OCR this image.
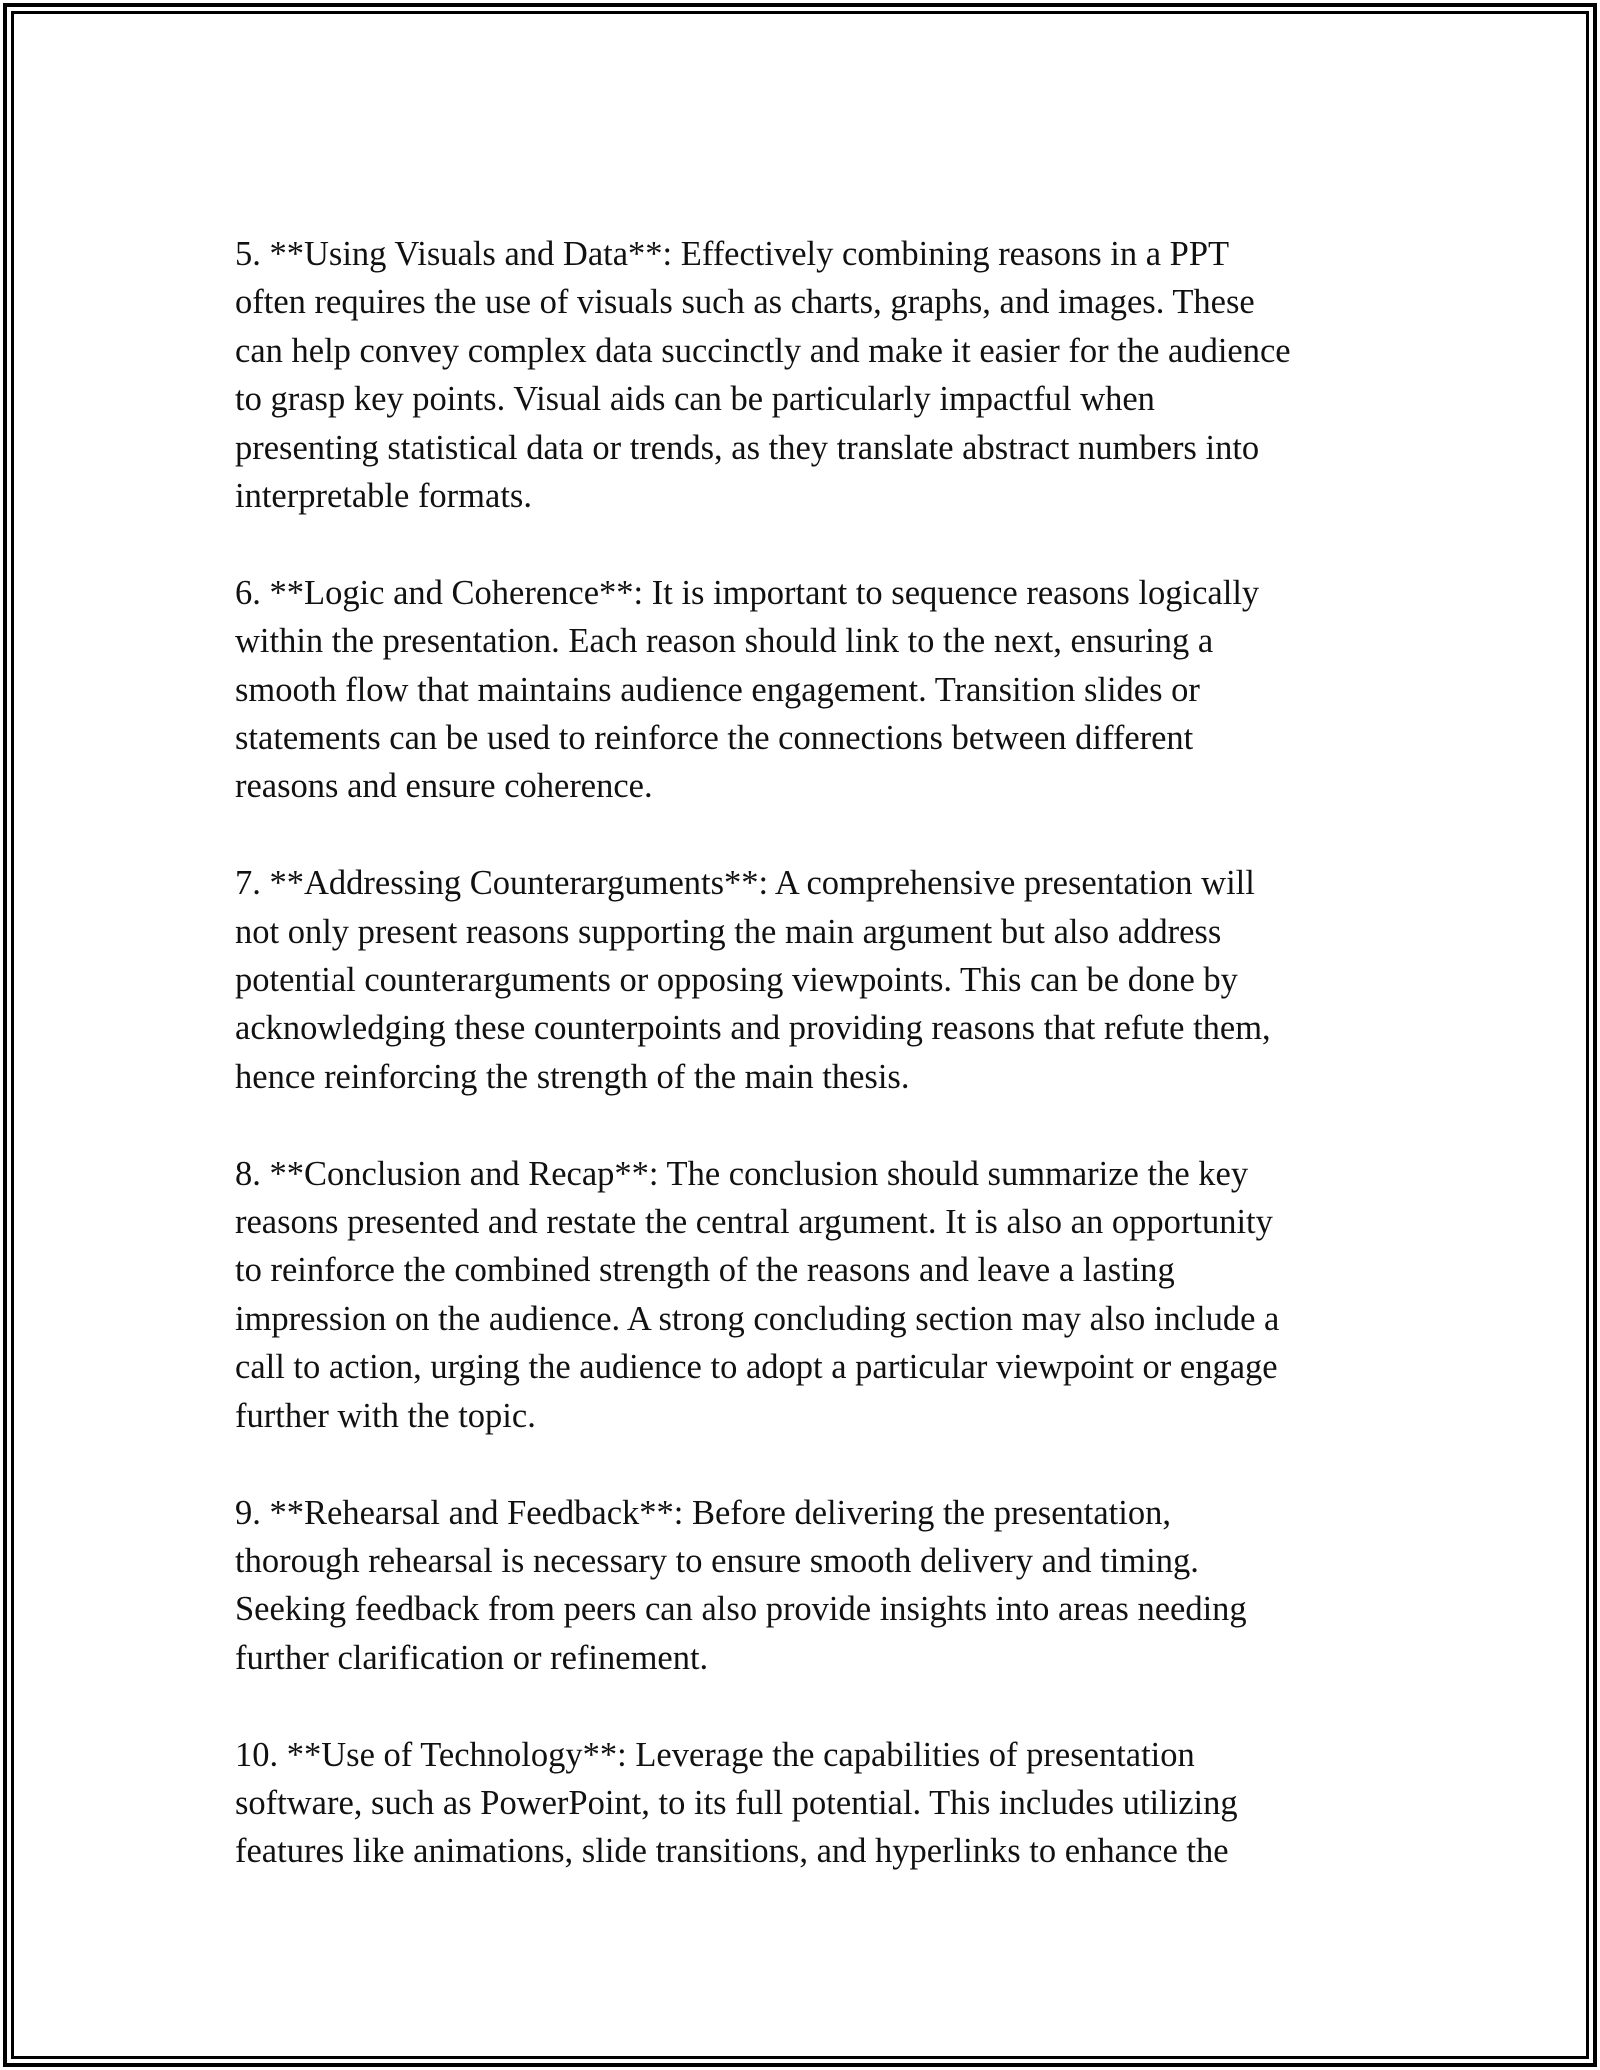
5. **Using Visuals and Data**: Effectively combining reasons in a PPT
often requires the use of visuals such as charts, graphs, and images. These
can help convey complex data succinctly and make it easier for the audience
to grasp key points. Visual aids can be particularly impactful when
presenting statistical data or trends, as they translate abstract numbers into
interpretable formats.

6. **Logic and Coherence**: It is important to sequence reasons logically
within the presentation. Each reason should link to the next, ensuring a
smooth flow that maintains audience engagement. Transition slides or
statements can be used to reinforce the connections between different
reasons and ensure coherence.

7. **Addressing Counterarguments**: A comprehensive presentation will
not only present reasons supporting the main argument but also address
potential counterarguments or opposing viewpoints. This can be done by
acknowledging these counterpoints and providing reasons that refute them,
hence reinforcing the strength of the main thesis.

8. **Conclusion and Recap**: The conclusion should summarize the key
reasons presented and restate the central argument. It is also an opportunity
to reinforce the combined strength of the reasons and leave a lasting
impression on the audience. A strong concluding section may also include a
call to action, urging the audience to adopt a particular viewpoint or engage
further with the topic.

9. **Rehearsal and Feedback**: Before delivering the presentation,
thorough rehearsal is necessary to ensure smooth delivery and timing.
Seeking feedback from peers can also provide insights into areas needing
further clarification or refinement.

10. **Use of Technology**: Leverage the capabilities of presentation
software, such as PowerPoint, to its full potential. This includes utilizing
features like animations, slide transitions, and hyperlinks to enhance the
